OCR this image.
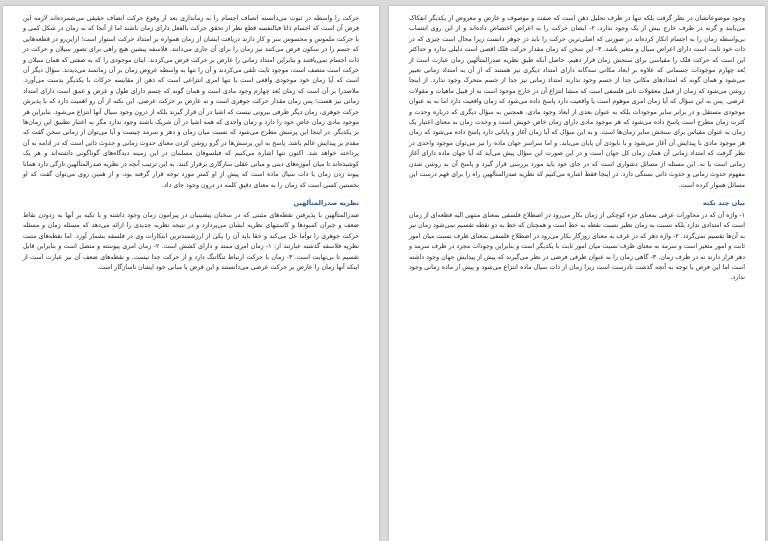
حرکت را واسطه در ثبوت می‌دانسته اتصاف اجسام را به زمانداری بعد از وقوع حرکت اتصاف حقیقی می‌شمرده‌اند لازمه این فرض آن است که اجسام ذاتا فیالنفسه قطع نظر از تحقق حرکت بالفعل دارای زمان باشند اما از آنجا که به زمان در شکل کمی و با حرکت ملموس و محسوس سر و کار دارند دریافت ایشان از زمان همواره بر امتداد حرکت استوار است؛ ازاین‌رو در قطعه‌هایی که جسم را در سکون فرض می‌کنند نیز زمان را برای آن جاری می‌دانند. فلاسفه پیشین هیچ راهی برای تصور سیلان و حرکت در ذات اجسام نمی‌یافتند و بنابراین امتداد زمانی را عارض بر حرکت فرض می‌کردند. اینان موجودی را که به صفتی که همان سیلان و حرکت است متصف است، موجود ثابت تلقی می‌کردند و آن را تنها به واسطه عروض زمان بر آن زمانمند می‌دیدند. سؤال دیگر آن است که آیا زمان خود موجودی واقعی است یا تنها امری انتزاعی است که ذهن از مقایسه حرکات با یکدیگر بدست می‌آورد. ملاصدرا بر آن است که زمان بُعد چهارم وجود مادی است و همان گونه که جسم دارای طول و عرض و عمق است دارای امتداد زمانی نیز هست؛ پس زمان مقدار حرکت جوهری است و نه عارض بر حرکت عرضی. این نکته از آن رو اهمیت دارد که با پذیرش حرکت جوهری، زمان دیگر ظرفی بیرونی نیست که اشیا در آن قرار گیرند بلکه از درون وجود سیال آنها انتزاع می‌شود. بنابراین هر موجود مادی زمان خاص خود را دارد و زمان واحدی که همه اشیا در آن شریک باشند وجود ندارد مگر به اعتبار تطبیق این زمان‌ها بر یکدیگر. در اینجا این پرسش مطرح می‌شود که نسبت میان زمان و دهر و سرمد چیست و آیا می‌توان از زمانی سخن گفت که مقدم بر پیدایش عالم باشد. پاسخ به این پرسش‌ها در گرو روشن کردن معنای حدوث زمانی و حدوث ذاتی است که در ادامه به آن پرداخته خواهد شد. اکنون تنها اشاره می‌کنیم که فیلسوفان مسلمان در این زمینه دیدگاه‌های گوناگونی داشته‌اند و هر یک کوشیده‌اند تا میان آموزه‌های دینی و مبانی عقلی سازگاری برقرار کنند. به این ترتیب آنچه در نظریه صدرالمتألهین تازگی دارد همانا پیوند زدن زمان با ذات سیال ماده است که پیش از او کمتر مورد توجه قرار گرفته بود، و از همین روی می‌توان گفت که او نخستین کسی است که زمان را به معنای دقیق کلمه در درون وجود جای داد.

نظریه صدرالمتألهین

صدرالمتألهین با پذیرفتن نقطه‌های مثبتی که در سخنان پیشینیان در پیرامون زمان وجود داشته و با تکیه بر آنها به زدودن نقاط ضعف و جبران کمبودها و کاستیهای نظریه ایشان می‌پردازد و در نتیجه نظریه جدیدی را ارائه می‌دهد که مسئله زمان و مسئله حرکت جوهری را توأما حل می‌کند و حقا باید آن را یکی از ارزشمندترین ابتکارات وی در فلسفه بشمار آورد. اما نقطه‌های مثبت نظریه فلاسفه گذشته عبارتند از: ۱- زمان امری ممتد و دارای کشش است. ۲- زمان امری پیوسته و متصل است و بنابراین قابل تقسیم تا بی‌نهایت است. ۳- زمان با حرکت ارتباط تنگاتنگ دارد و از حرکت جدا نیست. و نقطه‌های ضعف آن نیز عبارت است از اینکه آنها زمان را عارض بر حرکت عرضی می‌دانستند و این فرض با مبانی خود ایشان ناسازگار است.

وجود موضوعاتشان در نظر گرفت بلکه تنها در ظرف تحلیل ذهن است که صفت و موصوف و عارض و معروض از یکدیگر انفکاک می‌یابند و گرنه در ظرف خارج بیش از یک وجود ندارد. ۲- ایشان حرکت را به اعراض اختصاص داده‌اند و از این روی انتساب بی‌واسطه زمان را به اجسام انکار کرده‌اند در صورتی که اصلی‌ترین حرکت را باید در جوهر دانست زیرا محال است چیزی که در ذات خود ثابت است دارای اعراض سیال و متغیر باشد. ۳- این سخن که زمان مقدار حرکت فلک اقصی است دلیلی ندارد و حداکثر این است که حرکت فلک را مقیاسی برای سنجش زمان قرار دهیم. حاصل آنکه طبق نظریه صدرالمتألهین زمان عبارت است از بُعد چهارم موجودات جسمانی که علاوه بر ابعاد مکانی سه‌گانه دارای امتداد دیگری نیز هستند که از آن به امتداد زمانی تعبیر می‌شود و همان گونه که امتدادهای مکانی جدا از جسم وجود ندارند امتداد زمانی نیز جدا از جسم متحرک وجود ندارد. از اینجا روشن می‌شود که زمان از قبیل معقولات ثانی فلسفی است که منشا انتزاع آن در خارج موجود است نه از قبیل ماهیات و مقولات عرضی. پس به این سؤال که آیا زمان امری موهوم است یا واقعیت دارد پاسخ داده می‌شود که زمان واقعیت دارد اما نه به عنوان موجودی مستقل و در برابر سایر موجودات بلکه به عنوان بعدی از ابعاد وجود مادی. همچنین به سؤال دیگری که درباره وحدت و کثرت زمان مطرح است پاسخ داده می‌شود که هر موجود مادی دارای زمان خاص خویش است و وحدت زمان به معنای اعتبار یک زمان به عنوان مقیاس برای سنجش سایر زمان‌ها است. و به این سؤال که آیا زمان آغاز و پایانی دارد پاسخ داده می‌شود که زمان هر موجود مادی با پیدایش آن آغاز می‌شود و با نابودی آن پایان می‌یابد. و اما سراسر جهان ماده را نیز می‌توان موجود واحدی در نظر گرفت که امتداد زمانی آن همان زمان کل جهان است و در این صورت این سؤال پیش می‌آید که آیا جهان ماده دارای آغاز زمانی است یا نه. این مسئله از مسائل دشواری است که در جای خود باید مورد بررسی قرار گیرد و پاسخ آن به روشن شدن مفهوم حدوث زمانی و حدوث ذاتی بستگی دارد. در اینجا فقط اشاره می‌کنیم که نظریه صدرالمتألهین راه را برای فهم درست این مسائل هموار کرده است.

بیان چند نکته

۱- واژه آن که در محاورات عرفی بمعنای جزء کوچکی از زمان بکار می‌رود در اصطلاح فلسفی بمعنای منتهی الیه قطعه‌ای از زمان است که امتدادی ندارد بلکه نسبت به زمان نظیر نسبت نقطه به خط است و همچنان که خط به دو نقطه تقسیم نمی‌شود زمان نیز به آن‌ها تقسیم نمی‌گردد. ۲- واژه دهر که در عرف به معنای روزگار بکار می‌رود در اصطلاح فلسفی بمعنای ظرف نسبت میان امور ثابت و امور متغیر است و سرمد به معنای ظرف نسبت میان امور ثابت با یکدیگر است و بنابراین وجودات مجرد در ظرف سرمد و دهر قرار دارند نه در ظرف زمان. ۳- گاهی زمان را به عنوان ظرفی فرضی در نظر می‌گیرند که پیش از پیدایش جهان وجود داشته است اما این فرض با توجه به آنچه گذشت نادرست است زیرا زمان از ذات سیال ماده انتزاع می‌شود و پیش از ماده زمانی وجود ندارد.
